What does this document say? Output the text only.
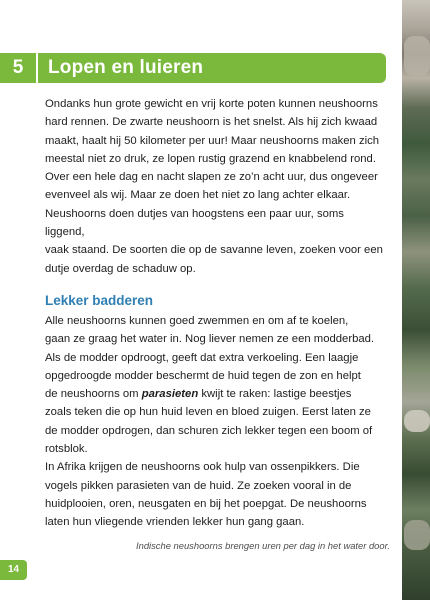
5	Lopen en luieren

Ondanks hun grote gewicht en vrij korte poten kunnen neushoorns
hard rennen. De zwarte neushoorn is het snelst. Als hij zich kwaad
maakt, haalt hij 50 kilometer per uur! Maar neushoorns maken zich
meestal niet zo druk, ze lopen rustig grazend en knabbelend rond.
Over een hele dag en nacht slapen ze zo’n acht uur, dus ongeveer
evenveel als wij. Maar ze doen het niet zo lang achter elkaar.
Neushoorns doen dutjes van hoogstens een paar uur, soms liggend,
vaak staand. De soorten die op de savanne leven, zoeken voor een
dutje overdag de schaduw op.

Lekker badderen

Alle neushoorns kunnen goed zwemmen en om af te koelen,
gaan ze graag het water in. Nog liever nemen ze een modderbad.
Als de modder opdroogt, geeft dat extra verkoeling. Een laagje
opgedroogde modder beschermt de huid tegen de zon en helpt
de neushoorns om parasieten kwijt te raken: lastige beestjes
zoals teken die op hun huid leven en bloed zuigen. Eerst laten ze
de modder opdrogen, dan schuren zich lekker tegen een boom of
rotsblok.

In Afrika krijgen de neushoorns ook hulp van ossenpikkers. Die
vogels pikken parasieten van de huid. Ze zoeken vooral in de
huidplooien, oren, neusgaten en bij het poepgat. De neushoorns
laten hun vliegende vrienden lekker hun gang gaan.

Indische neushoorns brengen uren per dag in het water door.
14
